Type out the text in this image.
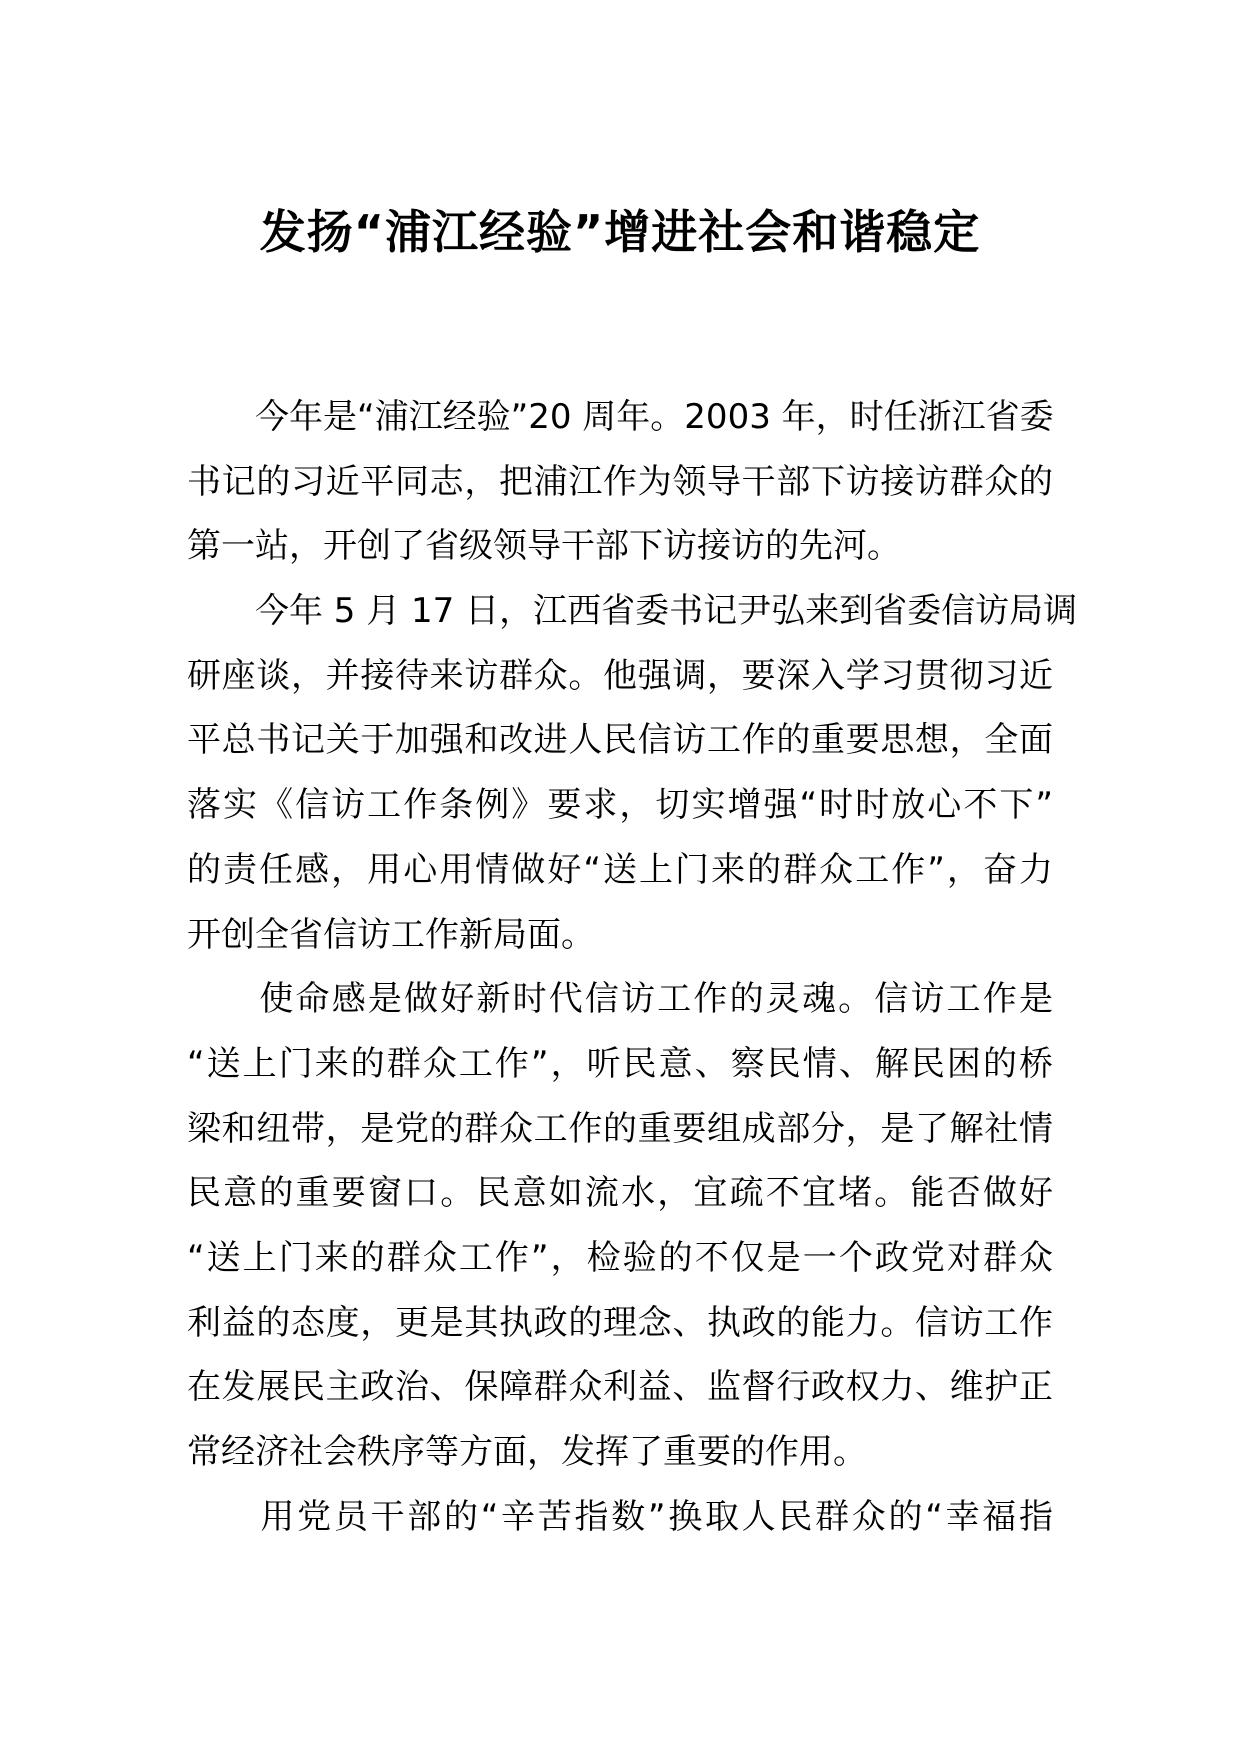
发扬“浦江经验”增进社会和谐稳定
　　今年是“浦江经验”20 周年。2003 年，时任浙江省委
书记的习近平同志，把浦江作为领导干部下访接访群众的
第一站，开创了省级领导干部下访接访的先河。
　　今年 5 月 17 日，江西省委书记尹弘来到省委信访局调
研座谈，并接待来访群众。他强调，要深入学习贯彻习近
平总书记关于加强和改进人民信访工作的重要思想，全面
落实《信访工作条例》要求，切实增强“时时放心不下”
的责任感，用心用情做好“送上门来的群众工作”，奋力
开创全省信访工作新局面。
　　使命感是做好新时代信访工作的灵魂。信访工作是
“送上门来的群众工作”，听民意、察民情、解民困的桥
梁和纽带，是党的群众工作的重要组成部分，是了解社情
民意的重要窗口。民意如流水，宜疏不宜堵。能否做好
“送上门来的群众工作”，检验的不仅是一个政党对群众
利益的态度，更是其执政的理念、执政的能力。信访工作
在发展民主政治、保障群众利益、监督行政权力、维护正
常经济社会秩序等方面，发挥了重要的作用。
　　用党员干部的“辛苦指数”换取人民群众的“幸福指
